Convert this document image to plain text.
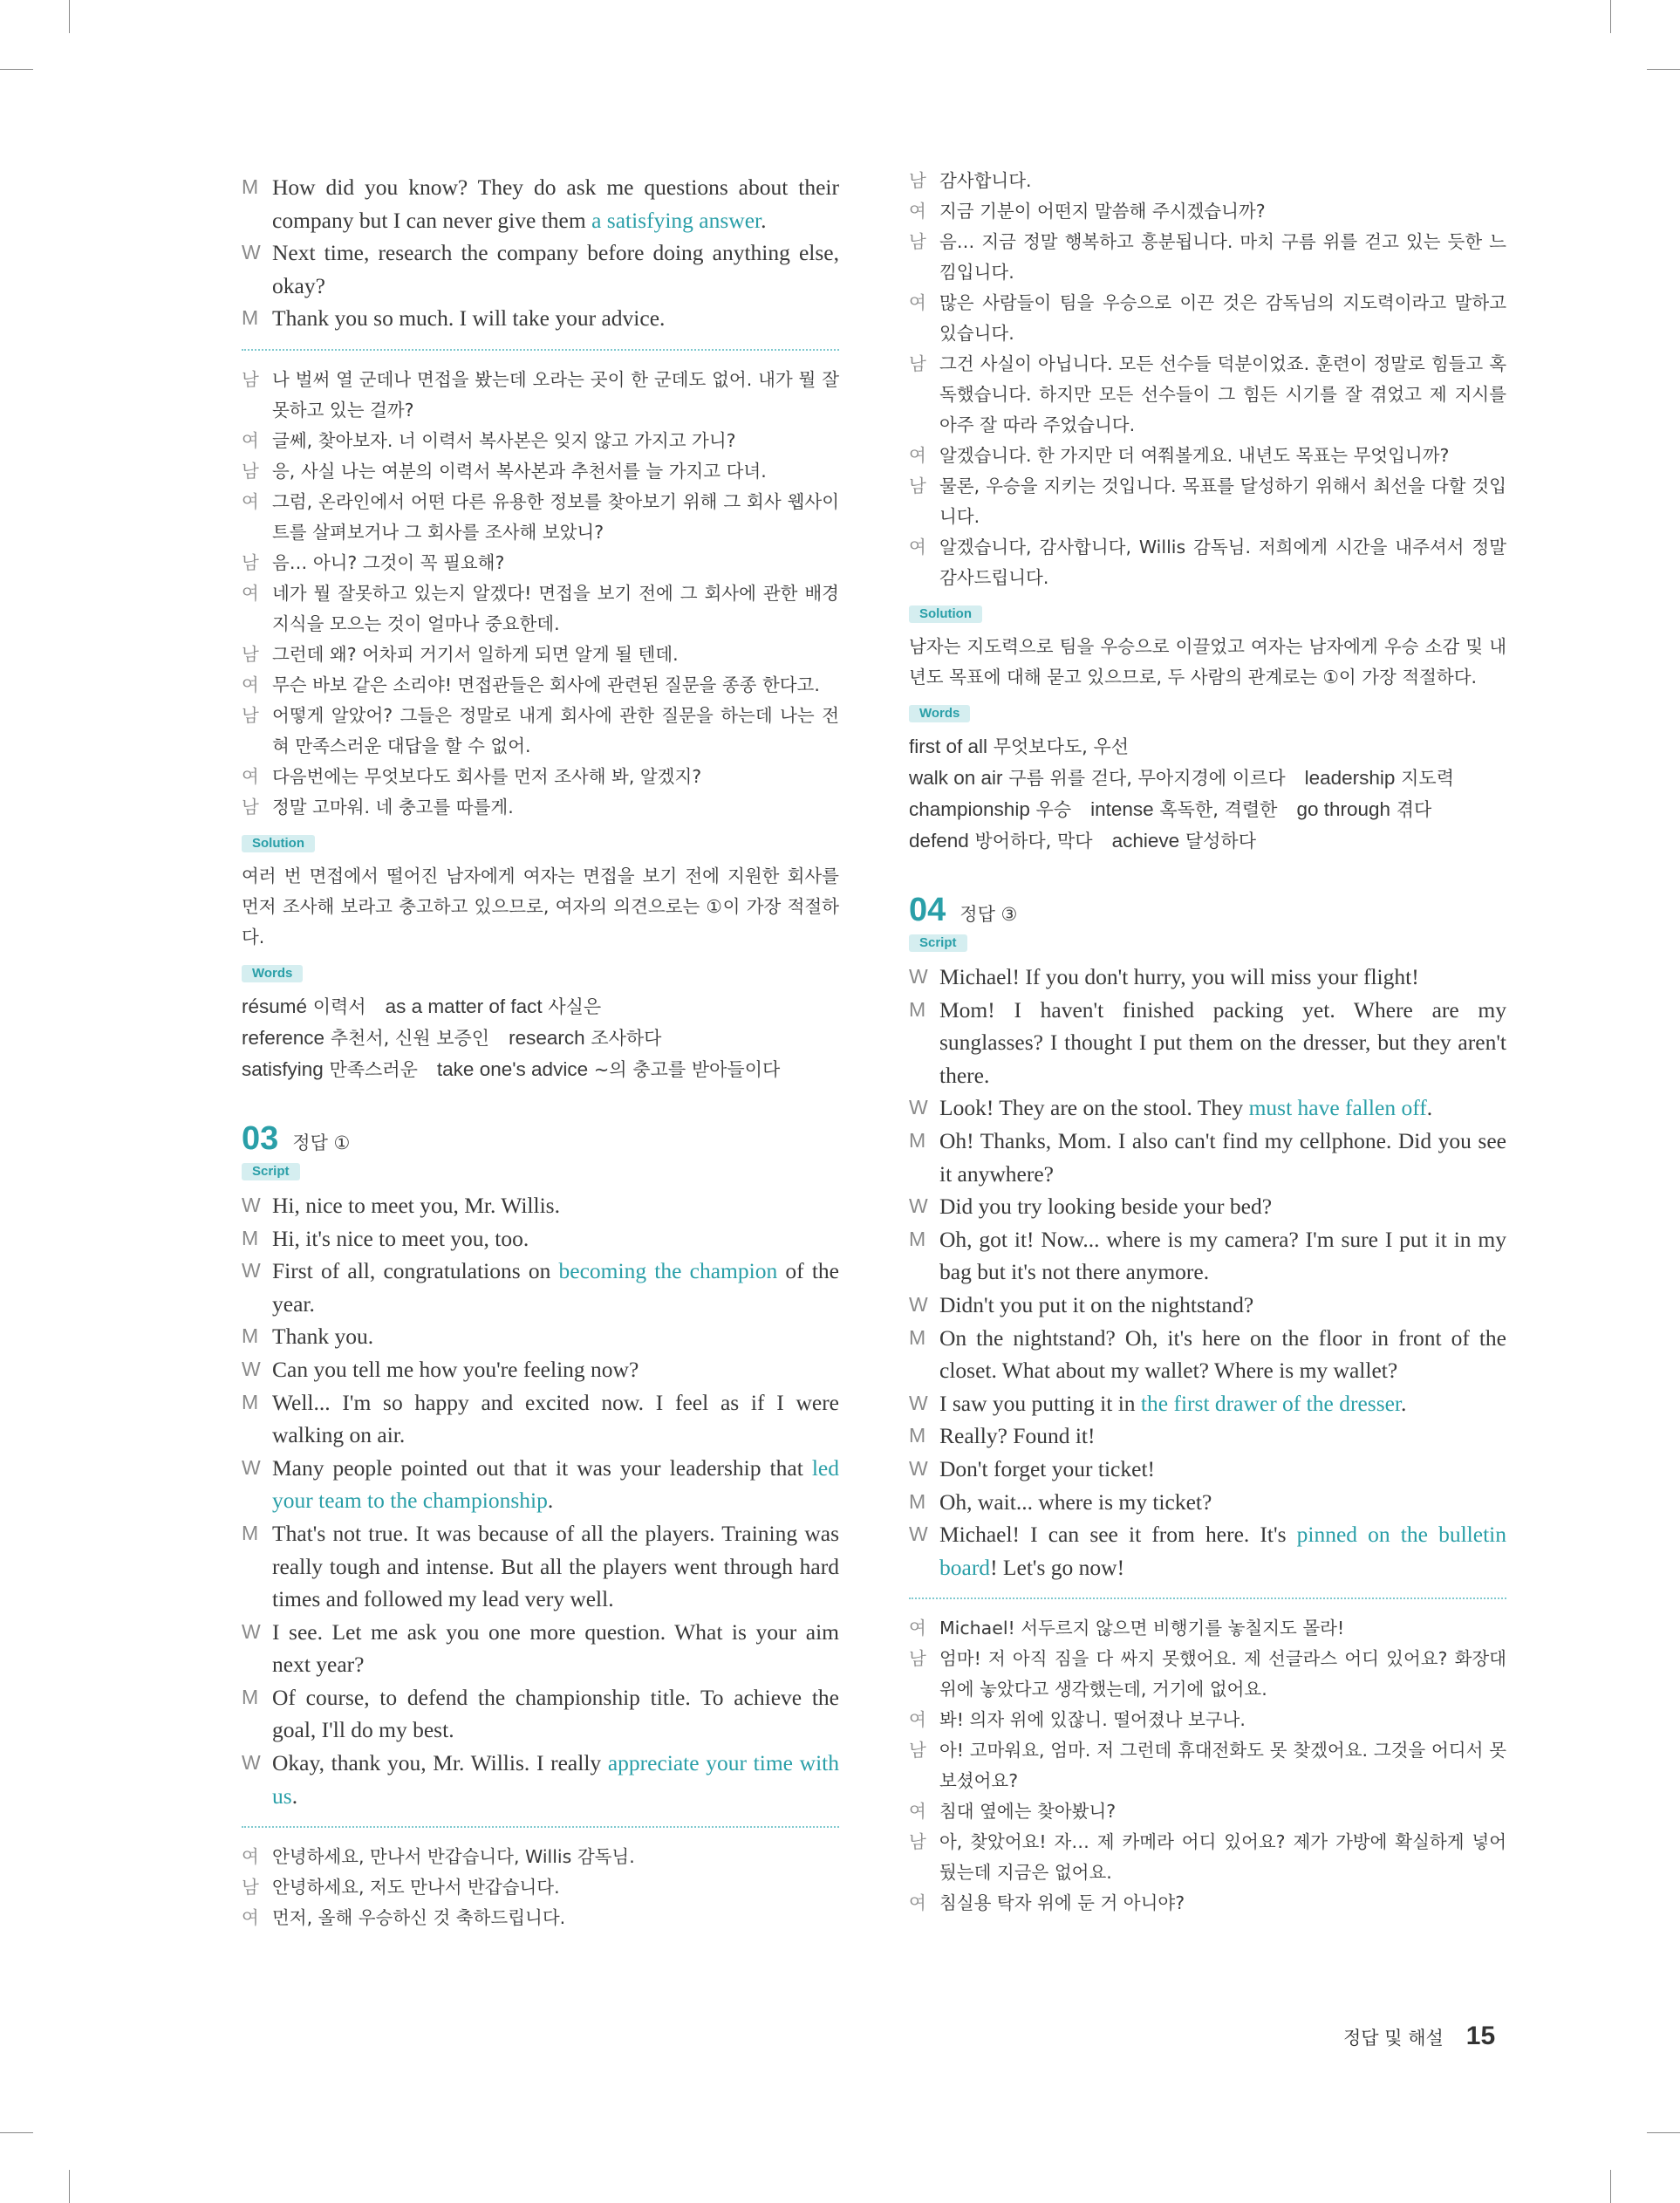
M How did you know? They do ask me questions about their company but I can never give them a satisfying answer.
W Next time, research the company before doing anything else, okay?
M Thank you so much. I will take your advice.
남 나 벌써 열 군데나 면접을 봤는데 오라는 곳이 한 군데도 없어. 내가 뭘 잘못하고 있는 걸까?
여 글쎄, 찾아보자. 너 이력서 복사본은 잊지 않고 가지고 가니?
남 응, 사실 나는 여분의 이력서 복사본과 추천서를 늘 가지고 다녀.
여 그럼, 온라인에서 어떤 다른 유용한 정보를 찾아보기 위해 그 회사 웹사이트를 살펴보거나 그 회사를 조사해 보았니?
남 음… 아니? 그것이 꼭 필요해?
여 네가 뭘 잘못하고 있는지 알겠다! 면접을 보기 전에 그 회사에 관한 배경지식을 모으는 것이 얼마나 중요한데.
남 그런데 왜? 어차피 거기서 일하게 되면 알게 될 텐데.
여 무슨 바보 같은 소리야! 면접관들은 회사에 관련된 질문을 종종 한다고.
남 어떻게 알았어? 그들은 정말로 내게 회사에 관한 질문을 하는데 나는 전혀 만족스러운 대답을 할 수 없어.
여 다음번에는 무엇보다도 회사를 먼저 조사해 봐, 알겠지?
남 정말 고마워. 네 충고를 따를게.
Solution
여러 번 면접에서 떨어진 남자에게 여자는 면접을 보기 전에 지원한 회사를 먼저 조사해 보라고 충고하고 있으므로, 여자의 의견으로는 ①이 가장 적절하다.
Words
résumé 이력서 as a matter of fact 사실은
reference 추천서, 신원 보증인 research 조사하다
satisfying 만족스러운 take one's advice ~의 충고를 받아들이다
03 정답 ①
Script
W Hi, nice to meet you, Mr. Willis.
M Hi, it's nice to meet you, too.
W First of all, congratulations on becoming the champion of the year.
M Thank you.
W Can you tell me how you're feeling now?
M Well... I'm so happy and excited now. I feel as if I were walking on air.
W Many people pointed out that it was your leadership that led your team to the championship.
M That's not true. It was because of all the players. Training was really tough and intense. But all the players went through hard times and followed my lead very well.
W I see. Let me ask you one more question. What is your aim next year?
M Of course, to defend the championship title. To achieve the goal, I'll do my best.
W Okay, thank you, Mr. Willis. I really appreciate your time with us.
여 안녕하세요, 만나서 반갑습니다, Willis 감독님.
남 안녕하세요, 저도 만나서 반갑습니다.
여 먼저, 올해 우승하신 것 축하드립니다.
남 감사합니다.
여 지금 기분이 어떤지 말씀해 주시겠습니까?
남 음… 지금 정말 행복하고 흥분됩니다. 마치 구름 위를 걷고 있는 듯한 느낌입니다.
여 많은 사람들이 팀을 우승으로 이끈 것은 감독님의 지도력이라고 말하고 있습니다.
남 그건 사실이 아닙니다. 모든 선수들 덕분이었죠. 훈련이 정말로 힘들고 혹독했습니다. 하지만 모든 선수들이 그 힘든 시기를 잘 겪었고 제 지시를 아주 잘 따라 주었습니다.
여 알겠습니다. 한 가지만 더 여쭤볼게요. 내년도 목표는 무엇입니까?
남 물론, 우승을 지키는 것입니다. 목표를 달성하기 위해서 최선을 다할 것입니다.
여 알겠습니다, 감사합니다, Willis 감독님. 저희에게 시간을 내주셔서 정말 감사드립니다.
Solution
남자는 지도력으로 팀을 우승으로 이끌었고 여자는 남자에게 우승 소감 및 내년도 목표에 대해 묻고 있으므로, 두 사람의 관계로는 ①이 가장 적절하다.
Words
first of all 무엇보다도, 우선
walk on air 구름 위를 걷다, 무아지경에 이르다 leadership 지도력
championship 우승 intense 혹독한, 격렬한 go through 겪다
defend 방어하다, 막다 achieve 달성하다
04 정답 ③
Script
W Michael! If you don't hurry, you will miss your flight!
M Mom! I haven't finished packing yet. Where are my sunglasses? I thought I put them on the dresser, but they aren't there.
W Look! They are on the stool. They must have fallen off.
M Oh! Thanks, Mom. I also can't find my cellphone. Did you see it anywhere?
W Did you try looking beside your bed?
M Oh, got it! Now... where is my camera? I'm sure I put it in my bag but it's not there anymore.
W Didn't you put it on the nightstand?
M On the nightstand? Oh, it's here on the floor in front of the closet. What about my wallet? Where is my wallet?
W I saw you putting it in the first drawer of the dresser.
M Really? Found it!
W Don't forget your ticket!
M Oh, wait... where is my ticket?
W Michael! I can see it from here. It's pinned on the bulletin board! Let's go now!
여 Michael! 서두르지 않으면 비행기를 놓칠지도 몰라!
남 엄마! 저 아직 짐을 다 싸지 못했어요. 제 선글라스 어디 있어요? 화장대 위에 놓았다고 생각했는데, 거기에 없어요.
여 봐! 의자 위에 있잖니. 떨어졌나 보구나.
남 아! 고마워요, 엄마. 저 그런데 휴대전화도 못 찾겠어요. 그것을 어디서 못 보셨어요?
여 침대 옆에는 찾아봤니?
남 아, 찾았어요! 자… 제 카메라 어디 있어요? 제가 가방에 확실하게 넣어 뒀는데 지금은 없어요.
여 침실용 탁자 위에 둔 거 아니야?
정답 및 해설 15
